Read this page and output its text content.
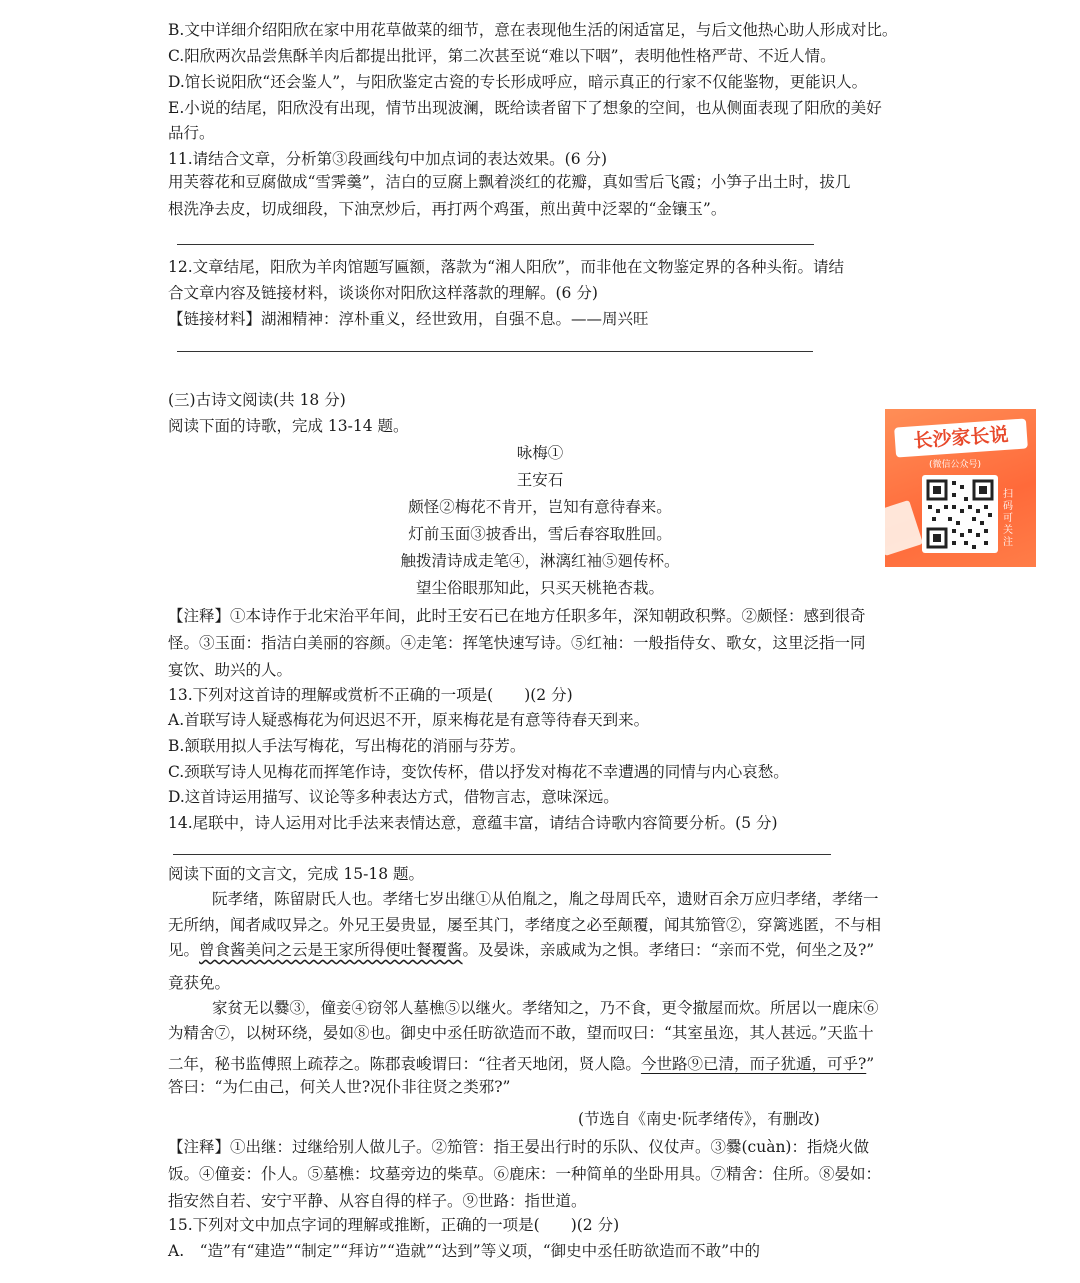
B.文中详细介绍阳欣在家中用花草做菜的细节，意在表现他生活的闲适富足，与后文他热心助人形成对比。
C.阳欣两次品尝焦酥羊肉后都提出批评，第二次甚至说“难以下咽”，表明他性格严苛、不近人情。
D.馆长说阳欣“还会鉴人”，与阳欣鉴定古瓷的专长形成呼应，暗示真正的行家不仅能鉴物，更能识人。
E.小说的结尾，阳欣没有出现，情节出现波澜，既给读者留下了想象的空间，也从侧面表现了阳欣的美好
品行。
11.请结合文章，分析第③段画线句中加点词的表达效果。(6 分)
用芙蓉花和豆腐做成“雪霁羹”，洁白的豆腐上飘着淡红的花瓣，真如雪后飞霞；小笋子出土时，拔几
根洗净去皮，切成细段，下油烹炒后，再打两个鸡蛋，煎出黄中泛翠的“金镶玉”。
12.文章结尾，阳欣为羊肉馆题写匾额，落款为“湘人阳欣”，而非他在文物鉴定界的各种头衔。请结
合文章内容及链接材料，谈谈你对阳欣这样落款的理解。(6 分)
【链接材料】湖湘精神：淳朴重义，经世致用，自强不息。——周兴旺
(三)古诗文阅读(共 18 分)
阅读下面的诗歌，完成 13-14 题。
咏梅①
王安石
颇怪②梅花不肯开，岂知有意待春来。
灯前玉面③披香出，雪后春容取胜回。
触拨清诗成走笔④，淋漓红袖⑤廻传杯。
望尘俗眼那知此，只买天桃艳杏栽。
【注释】①本诗作于北宋治平年间，此时王安石已在地方任职多年，深知朝政积弊。②颇怪：感到很奇
怪。③玉面：指洁白美丽的容颜。④走笔：挥笔快速写诗。⑤红袖：一般指侍女、歌女，这里泛指一同
宴饮、助兴的人。
13.下列对这首诗的理解或赏析不正确的一项是(　　)(2 分)
A.首联写诗人疑惑梅花为何迟迟不开，原来梅花是有意等待春天到来。
B.颔联用拟人手法写梅花，写出梅花的消丽与芬芳。
C.颈联写诗人见梅花而挥笔作诗，变饮传杯，借以抒发对梅花不幸遭遇的同情与内心哀愁。
D.这首诗运用描写、议论等多种表达方式，借物言志，意味深远。
14.尾联中，诗人运用对比手法来表情达意，意蕴丰富，请结合诗歌内容简要分析。(5 分)
阅读下面的文言文，完成 15-18 题。
阮孝绪，陈留尉氏人也。孝绪七岁出继①从伯胤之，胤之母周氏卒，遗财百余万应归孝绪，孝绪一
无所纳，闻者咸叹异之。外兄王晏贵显，屡至其门，孝绪度之必至颠覆，闻其笳管②，穿篱逃匿，不与相
见。曾食酱美问之云是王家所得便吐餐覆酱。及晏诛，亲戚咸为之惧。孝绪曰：“亲而不党，何坐之及?”
竟获免。
家贫无以爨③，僮妾④窃邻人墓樵⑤以继火。孝绪知之，乃不食，更令撤屋而炊。所居以一鹿床⑥
为精舍⑦，以树环绕，晏如⑧也。御史中丞任昉欲造而不敢，望而叹曰：“其室虽迩，其人甚远。”天监十
二年，秘书监傅照上疏荐之。陈郡袁峻谓曰：“往者天地闭，贤人隐。今世路⑨已清，而子犹遁，可乎?”
答曰：“为仁由己，何关人世?况仆非往贤之类邪?”
(节选自《南史·阮孝绪传》，有删改)
【注释】①出继：过继给别人做儿子。②笳管：指王晏出行时的乐队、仪仗声。③爨(cuàn)：指烧火做
饭。④僮妾：仆人。⑤墓樵：坟墓旁边的柴草。⑥鹿床：一种简单的坐卧用具。⑦精舍：住所。⑧晏如：
指安然自若、安宁平静、从容自得的样子。⑨世路：指世道。
15.下列对文中加点字词的理解或推断，正确的一项是(　　)(2 分)
A.　“造”有“建造”“制定”“拜访”“造就”“达到”等义项，“御史中丞任昉欲造而不敢”中的
长沙家长说
(微信公众号)
扫码可关注
